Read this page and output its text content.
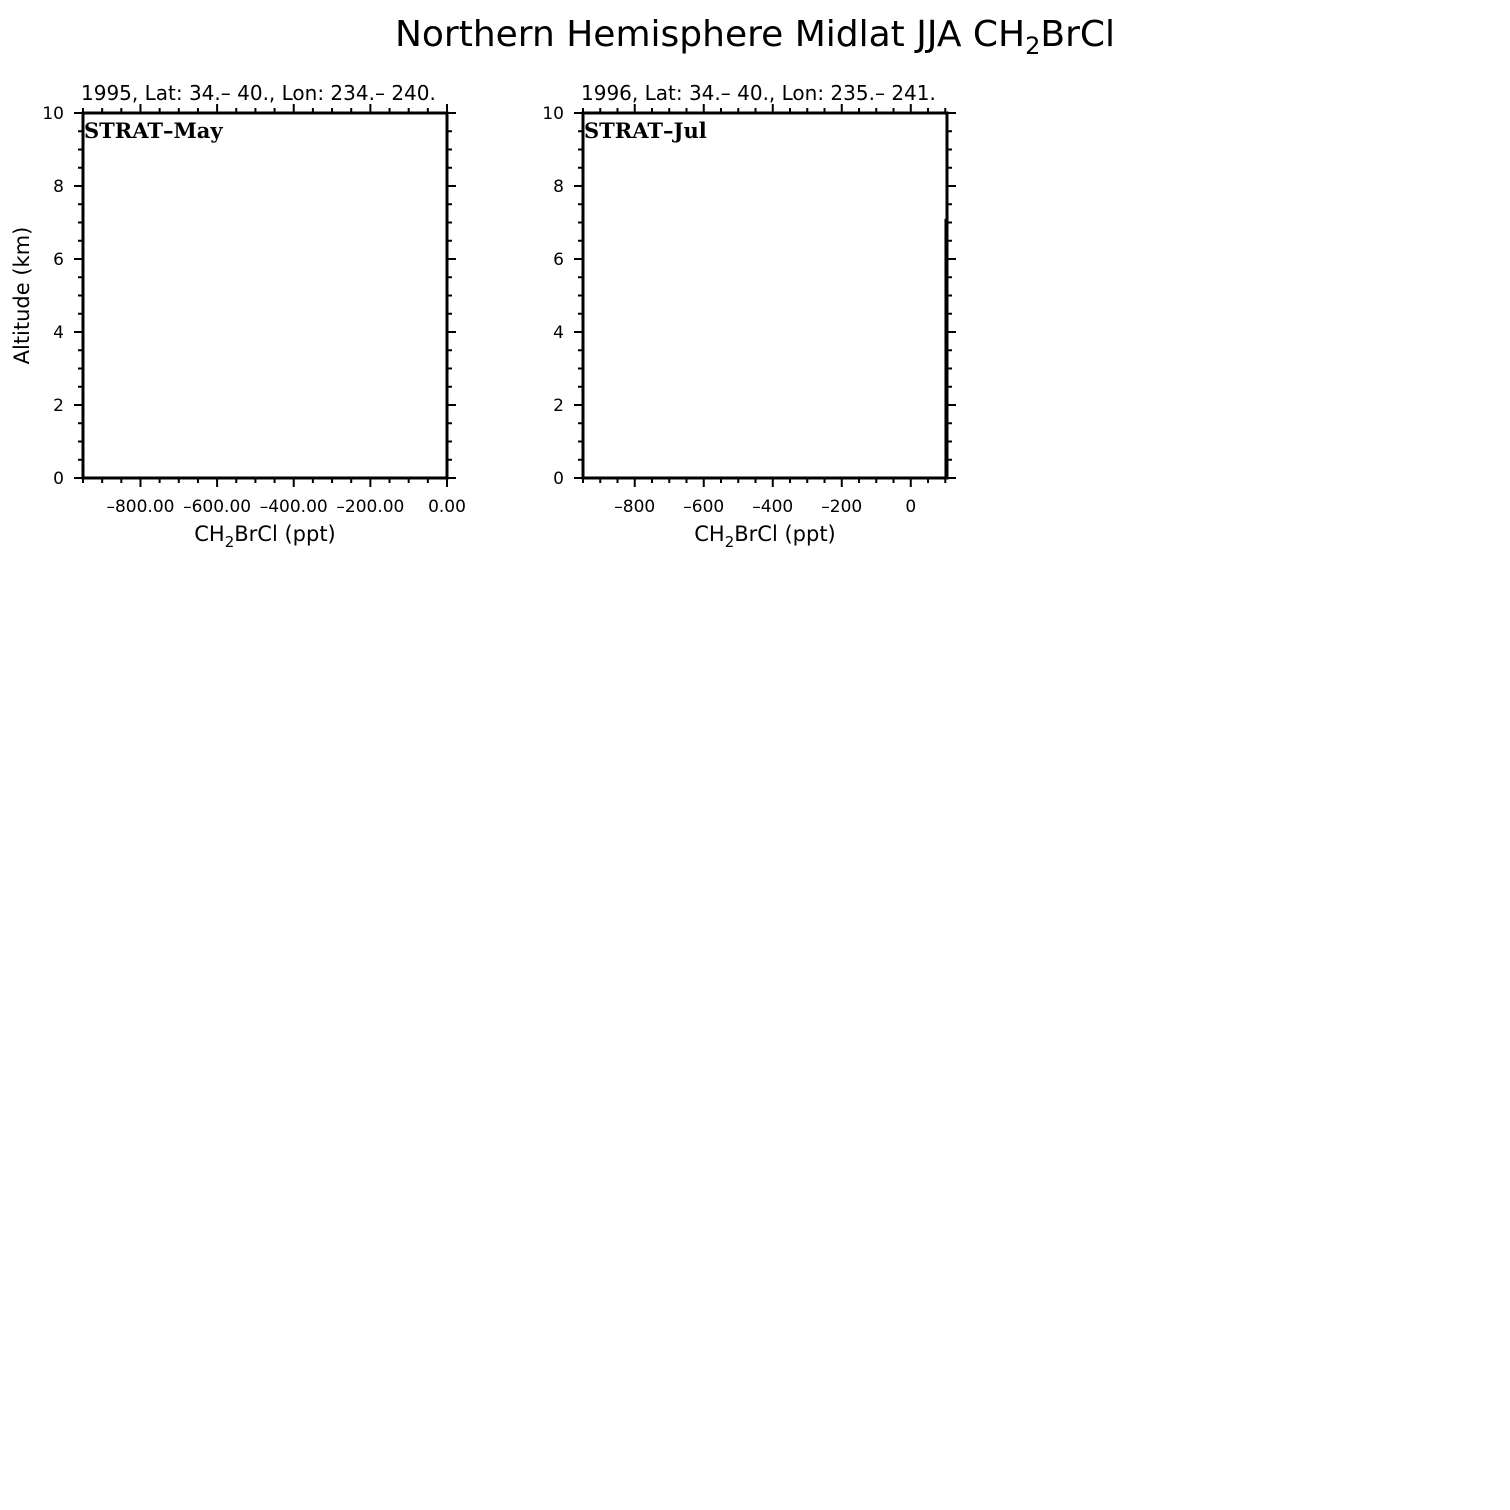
Northern Hemisphere Midlat JJA $CH_2BrCl$
1995, Lat: 34.– 40., Lon: 234.– 240.
0
2
4
6
8
10
–800.00 –600.00 –400.00 –200.00 0.00
$CH_2BrCl$ (ppt)
Altitude (km)
STRAT–May
1996, Lat: 34.– 40., Lon: 235.– 241.
0
2
4
6
8
10
–800 –600 –400 –200	0
$CH_2BrCl$ (ppt)
STRAT–Jul
